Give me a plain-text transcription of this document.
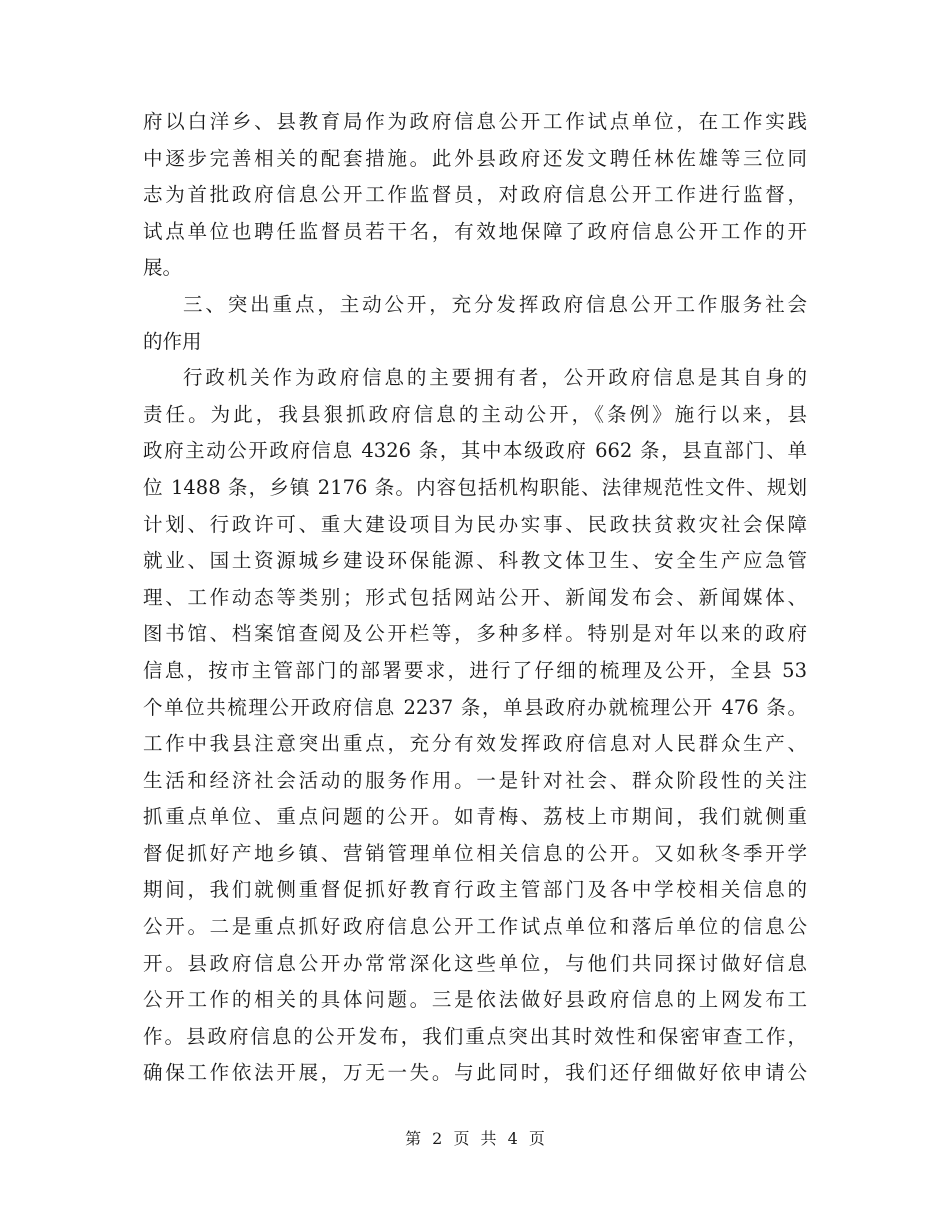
府以白洋乡、县教育局作为政府信息公开工作试点单位，在工作实践
中逐步完善相关的配套措施。此外县政府还发文聘任林佐雄等三位同
志为首批政府信息公开工作监督员，对政府信息公开工作进行监督，
试点单位也聘任监督员若干名，有效地保障了政府信息公开工作的开
展。
三、突出重点，主动公开，充分发挥政府信息公开工作服务社会
的作用
行政机关作为政府信息的主要拥有者，公开政府信息是其自身的
责任。为此，我县狠抓政府信息的主动公开，《条例》施行以来，县
政府主动公开政府信息 4326 条，其中本级政府 662 条，县直部门、单
位 1488 条，乡镇 2176 条。内容包括机构职能、法律规范性文件、规划
计划、行政许可、重大建设项目为民办实事、民政扶贫救灾社会保障
就业、国土资源城乡建设环保能源、科教文体卫生、安全生产应急管
理、工作动态等类别；形式包括网站公开、新闻发布会、新闻媒体、
图书馆、档案馆查阅及公开栏等，多种多样。特别是对年以来的政府
信息，按市主管部门的部署要求，进行了仔细的梳理及公开，全县 53
个单位共梳理公开政府信息 2237 条，单县政府办就梳理公开 476 条。
工作中我县注意突出重点，充分有效发挥政府信息对人民群众生产、
生活和经济社会活动的服务作用。一是针对社会、群众阶段性的关注
抓重点单位、重点问题的公开。如青梅、荔枝上市期间，我们就侧重
督促抓好产地乡镇、营销管理单位相关信息的公开。又如秋冬季开学
期间，我们就侧重督促抓好教育行政主管部门及各中学校相关信息的
公开。二是重点抓好政府信息公开工作试点单位和落后单位的信息公
开。县政府信息公开办常常深化这些单位，与他们共同探讨做好信息
公开工作的相关的具体问题。三是依法做好县政府信息的上网发布工
作。县政府信息的公开发布，我们重点突出其时效性和保密审查工作，
确保工作依法开展，万无一失。与此同时，我们还仔细做好依申请公
第 2 页 共 4 页
